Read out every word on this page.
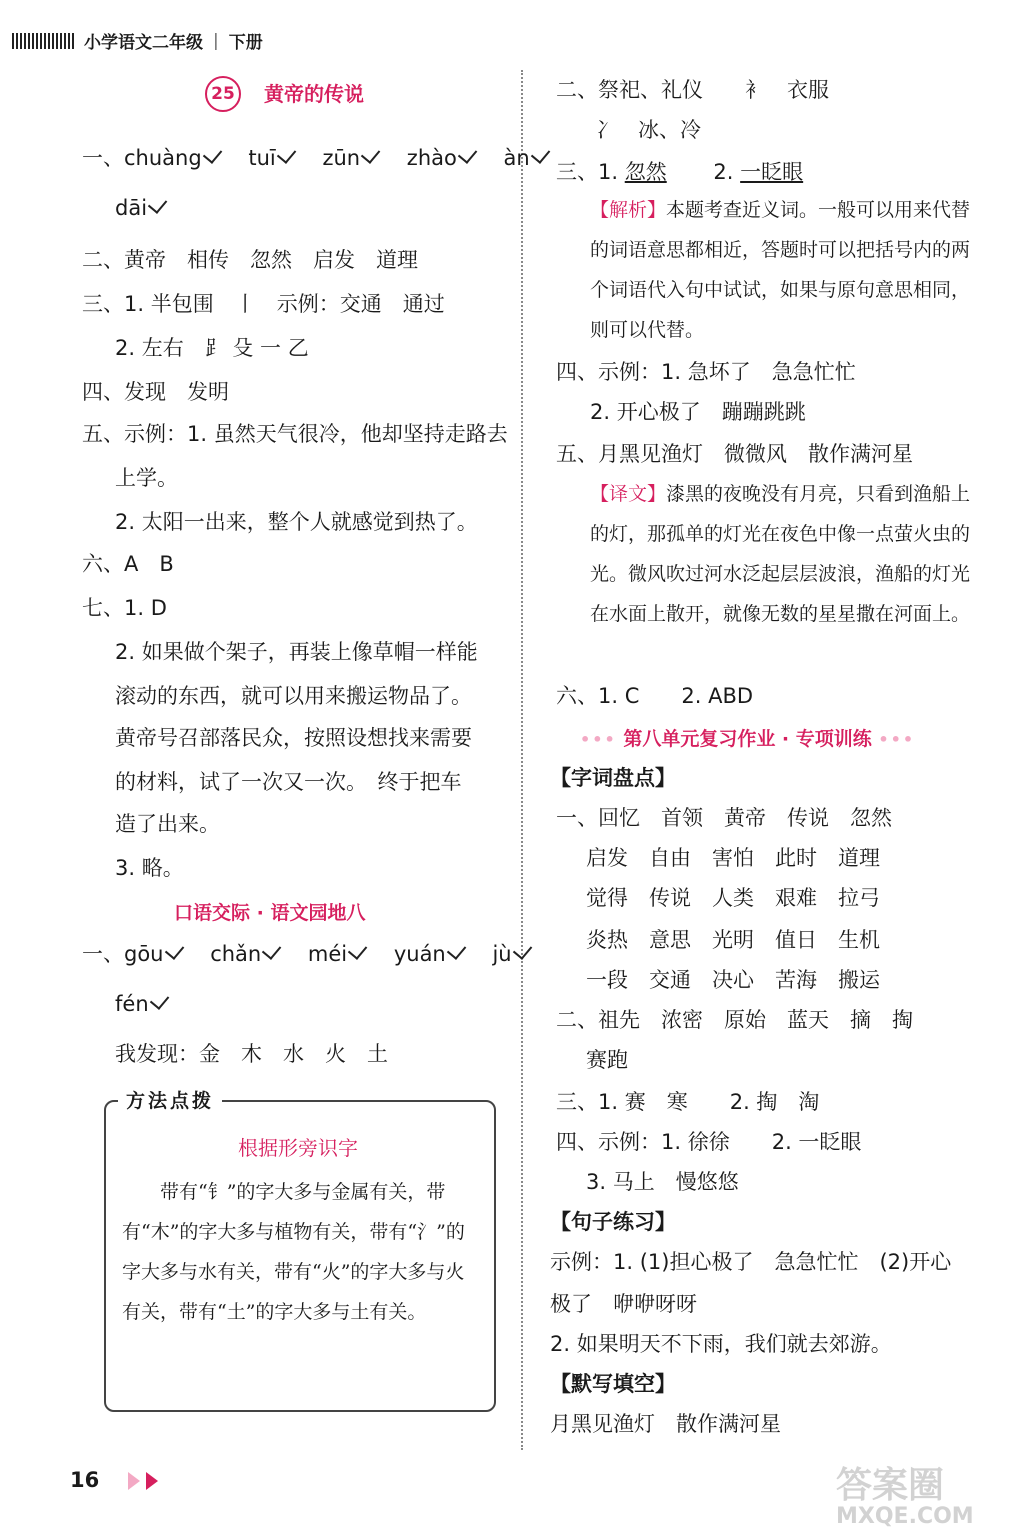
小学语文二年级 | 下册
25	黄帝的传说
一、chuàng tuī zūn zhào àn
dāi
二、黄帝　相传　忽然　启发　道理
三、1. 半包围　丨　示例：交通　通过
2. 左右　⻊ 殳 一 乙
四、发现　发明
五、示例：1. 虽然天气很冷，他却坚持走路去
上学。
2. 太阳一出来，整个人就感觉到热了。
六、A　B
七、1. D
2. 如果做个架子，再装上像草帽一样能
滚动的东西，就可以用来搬运物品了。
黄帝号召部落民众，按照设想找来需要
的材料，试了一次又一次。　终于把车
造了出来。
3. 略。
口语交际 · 语文园地八
一、gōu chǎn méi yuán jù
fén
我发现：金　木　水　火　土
方法点拨
根据形旁识字
带有“钅”的字大多与金属有关，带有“木”的字大多与植物有关，带有“氵”的字大多与水有关，带有“火”的字大多与火有关，带有“土”的字大多与土有关。
二、祭祀、礼仪　　衤　衣服
冫　冰、冷
三、1. 忽然 2. 一眨眼
【解析】本题考查近义词。一般可以用来代替的词语意思都相近，答题时可以把括号内的两个词语代入句中试试，如果与原句意思相同，则可以代替。
四、示例：1. 急坏了　急急忙忙
2. 开心极了　蹦蹦跳跳
五、月黑见渔灯　微微风　散作满河星
【译文】漆黑的夜晚没有月亮，只看到渔船上的灯，那孤单的灯光在夜色中像一点萤火虫的光。微风吹过河水泛起层层波浪，渔船的灯光在水面上散开，就像无数的星星撒在河面上。
六、1. C　　2. ABD
••• 第八单元复习作业 · 专项训练 •••
【字词盘点】
一、回忆　首领　黄帝　传说　忽然
启发　自由　害怕　此时　道理
觉得　传说　人类　艰难　拉弓
炎热　意思　光明　值日　生机
一段　交通　决心　苦海　搬运
二、祖先　浓密　原始　蓝天　摘　掏
赛跑
三、1. 赛　寒　　2. 掏　淘
四、示例：1. 徐徐　　2. 一眨眼
3. 马上　慢悠悠
【句子练习】
示例：1. (1)担心极了　急急忙忙　(2)开心
极了　咿咿呀呀
2. 如果明天不下雨，我们就去郊游。
【默写填空】
月黑见渔灯　散作满河星
16	答案圈
MXQE.COM
